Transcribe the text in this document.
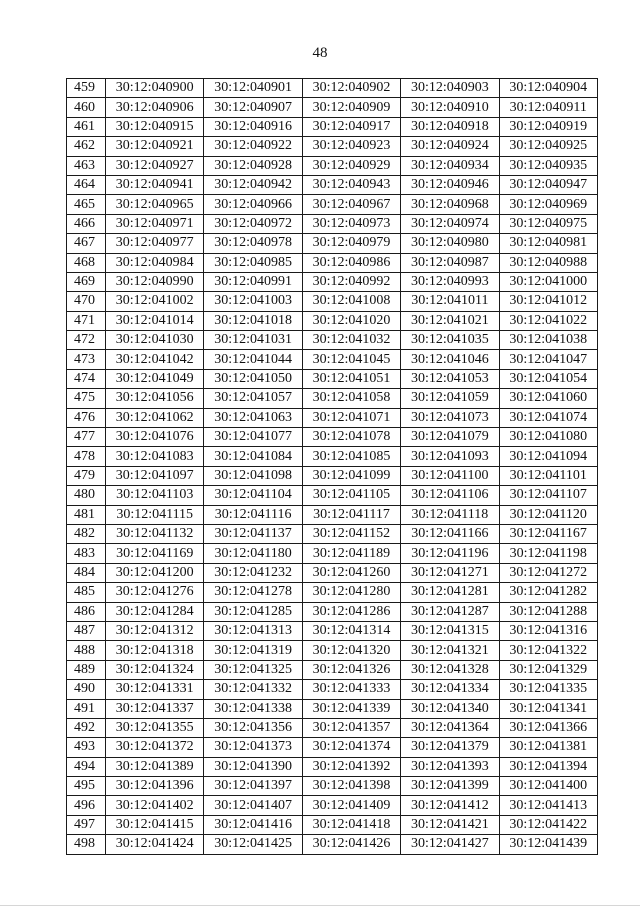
48
459	30:12:040900	30:12:040901	30:12:040902	30:12:040903	30:12:040904
460	30:12:040906	30:12:040907	30:12:040909	30:12:040910	30:12:040911
461	30:12:040915	30:12:040916	30:12:040917	30:12:040918	30:12:040919
462	30:12:040921	30:12:040922	30:12:040923	30:12:040924	30:12:040925
463	30:12:040927	30:12:040928	30:12:040929	30:12:040934	30:12:040935
464	30:12:040941	30:12:040942	30:12:040943	30:12:040946	30:12:040947
465	30:12:040965	30:12:040966	30:12:040967	30:12:040968	30:12:040969
466	30:12:040971	30:12:040972	30:12:040973	30:12:040974	30:12:040975
467	30:12:040977	30:12:040978	30:12:040979	30:12:040980	30:12:040981
468	30:12:040984	30:12:040985	30:12:040986	30:12:040987	30:12:040988
469	30:12:040990	30:12:040991	30:12:040992	30:12:040993	30:12:041000
470	30:12:041002	30:12:041003	30:12:041008	30:12:041011	30:12:041012
471	30:12:041014	30:12:041018	30:12:041020	30:12:041021	30:12:041022
472	30:12:041030	30:12:041031	30:12:041032	30:12:041035	30:12:041038
473	30:12:041042	30:12:041044	30:12:041045	30:12:041046	30:12:041047
474	30:12:041049	30:12:041050	30:12:041051	30:12:041053	30:12:041054
475	30:12:041056	30:12:041057	30:12:041058	30:12:041059	30:12:041060
476	30:12:041062	30:12:041063	30:12:041071	30:12:041073	30:12:041074
477	30:12:041076	30:12:041077	30:12:041078	30:12:041079	30:12:041080
478	30:12:041083	30:12:041084	30:12:041085	30:12:041093	30:12:041094
479	30:12:041097	30:12:041098	30:12:041099	30:12:041100	30:12:041101
480	30:12:041103	30:12:041104	30:12:041105	30:12:041106	30:12:041107
481	30:12:041115	30:12:041116	30:12:041117	30:12:041118	30:12:041120
482	30:12:041132	30:12:041137	30:12:041152	30:12:041166	30:12:041167
483	30:12:041169	30:12:041180	30:12:041189	30:12:041196	30:12:041198
484	30:12:041200	30:12:041232	30:12:041260	30:12:041271	30:12:041272
485	30:12:041276	30:12:041278	30:12:041280	30:12:041281	30:12:041282
486	30:12:041284	30:12:041285	30:12:041286	30:12:041287	30:12:041288
487	30:12:041312	30:12:041313	30:12:041314	30:12:041315	30:12:041316
488	30:12:041318	30:12:041319	30:12:041320	30:12:041321	30:12:041322
489	30:12:041324	30:12:041325	30:12:041326	30:12:041328	30:12:041329
490	30:12:041331	30:12:041332	30:12:041333	30:12:041334	30:12:041335
491	30:12:041337	30:12:041338	30:12:041339	30:12:041340	30:12:041341
492	30:12:041355	30:12:041356	30:12:041357	30:12:041364	30:12:041366
493	30:12:041372	30:12:041373	30:12:041374	30:12:041379	30:12:041381
494	30:12:041389	30:12:041390	30:12:041392	30:12:041393	30:12:041394
495	30:12:041396	30:12:041397	30:12:041398	30:12:041399	30:12:041400
496	30:12:041402	30:12:041407	30:12:041409	30:12:041412	30:12:041413
497	30:12:041415	30:12:041416	30:12:041418	30:12:041421	30:12:041422
498	30:12:041424	30:12:041425	30:12:041426	30:12:041427	30:12:041439
